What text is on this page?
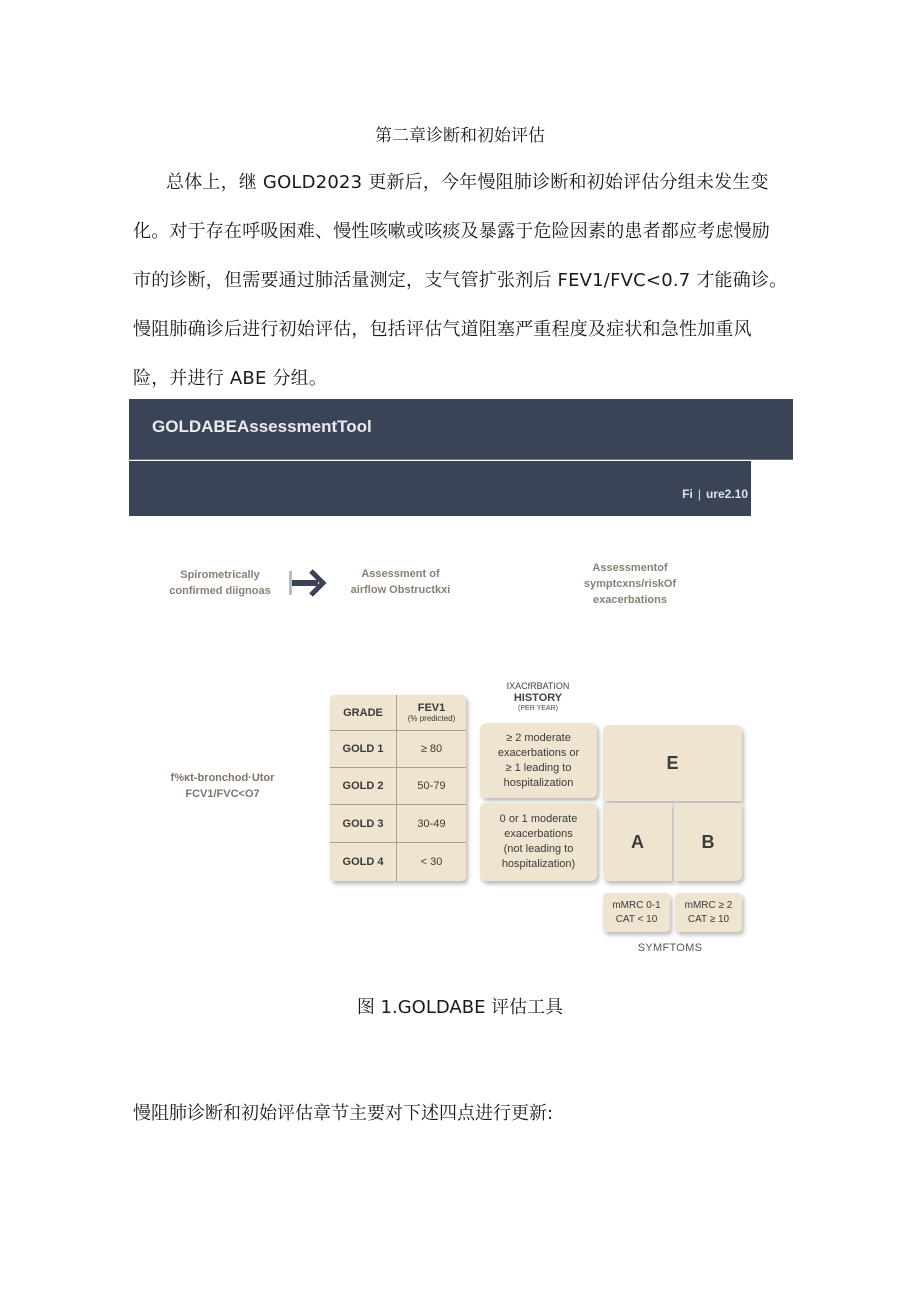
第二章诊断和初始评估

总体上，继 GOLD2023 更新后，今年慢阻肺诊断和初始评估分组未发生变化。对于存在呼吸困难、慢性咳嗽或咳痰及暴露于危险因素的患者都应考虑慢励市的诊断，但需要通过肺活量测定，支气管扩张剂后 FEV1/FVC<0.7 才能确诊。慢阻肺确诊后进行初始评估，包括评估气道阻塞严重程度及症状和急性加重风险，并进行 ABE 分组。

GOLDABEAssessmentTool
Fi | ure2.10
Spirometrically
confirmed diignoas
Assessment of
airflow Obstructkxi
Assessmentof
symptcxns/riskOf
exacerbations
f%κt-bronchod·Utor
FCV1/FVC<O7
GRADE	FEV1
(% predicted)
GOLD 1	≥ 80
GOLD 2	50-79
GOLD 3	30-49
GOLD 4	< 30
IXACfRBATION
HISTORY
(PER YEAR)
≥ 2 moderate
exacerbations or
≥ 1 leading to
hospitalization
0 or 1 moderate
exacerbations
(not leading to
hospitalization)
E
A	B
mMRC 0-1
CAT < 10
mMRC ≥ 2
CAT ≥ 10
SYMFTOMS
图 1.GOLDABE 评估工具
慢阻肺诊断和初始评估章节主要对下述四点进行更新:
